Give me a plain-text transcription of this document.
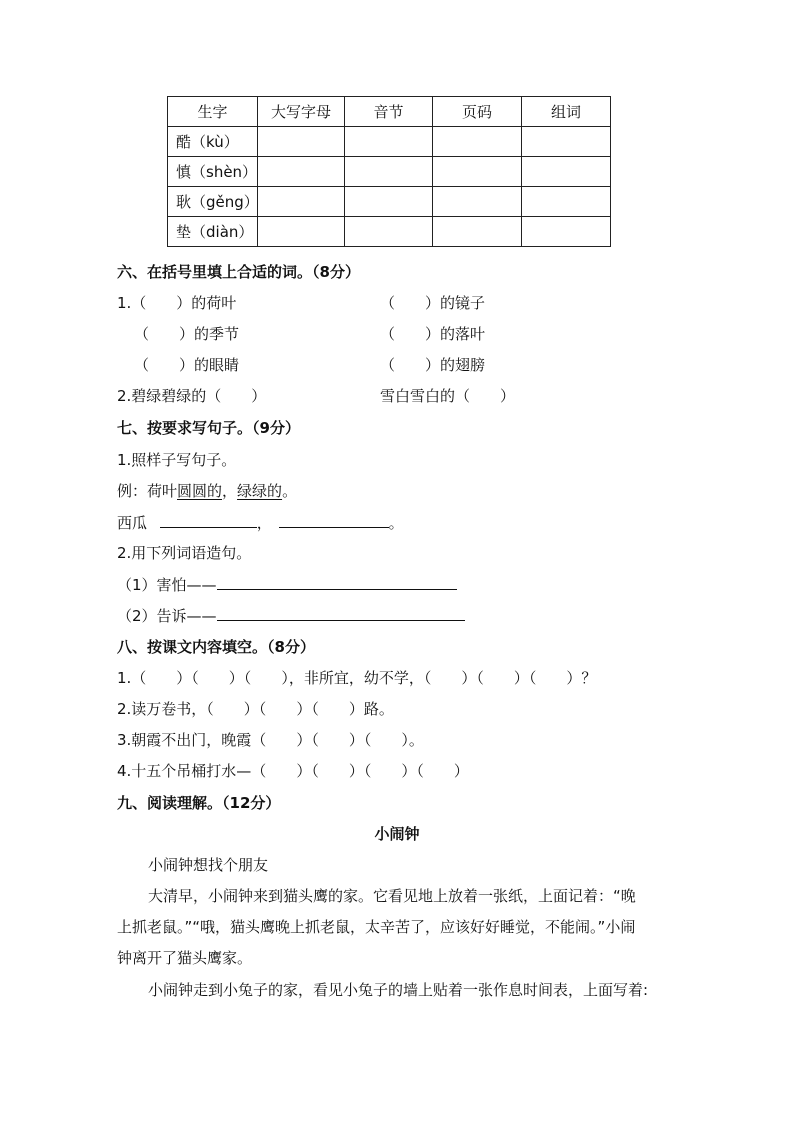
生字	大写字母	音节	页码	组词
酷（kù）				
慎（shèn）				
耿（gěng）				
垫（diàn）				
六、在括号里填上合适的词。（8分）
1.（　　）的荷叶	（　　）的镜子
（　　）的季节	（　　）的落叶
（　　）的眼睛	（　　）的翅膀
2.碧绿碧绿的（　　）	雪白雪白的（　　）
七、按要求写句子。（9分）
1.照样子写句子。
例：荷叶圆圆的，绿绿的。
西瓜	，	。
2.用下列词语造句。
（1）害怕——
（2）告诉——
八、按课文内容填空。（8分）
1.（　　）（　　）（　　），非所宜，幼不学，（　　）（　　）（　　）？
2.读万卷书，（　　）（　　）（　　）路。
3.朝霞不出门，晚霞（　　）（　　）（　　）。
4.十五个吊桶打水—（　　）（　　）（　　）（　　）
九、阅读理解。（12分）
小闹钟
小闹钟想找个朋友
大清早，小闹钟来到猫头鹰的家。它看见地上放着一张纸，上面记着：“晚
上抓老鼠。”“哦，猫头鹰晚上抓老鼠，太辛苦了，应该好好睡觉，不能闹。”小闹
钟离开了猫头鹰家。
小闹钟走到小兔子的家，看见小兔子的墙上贴着一张作息时间表，上面写着:
